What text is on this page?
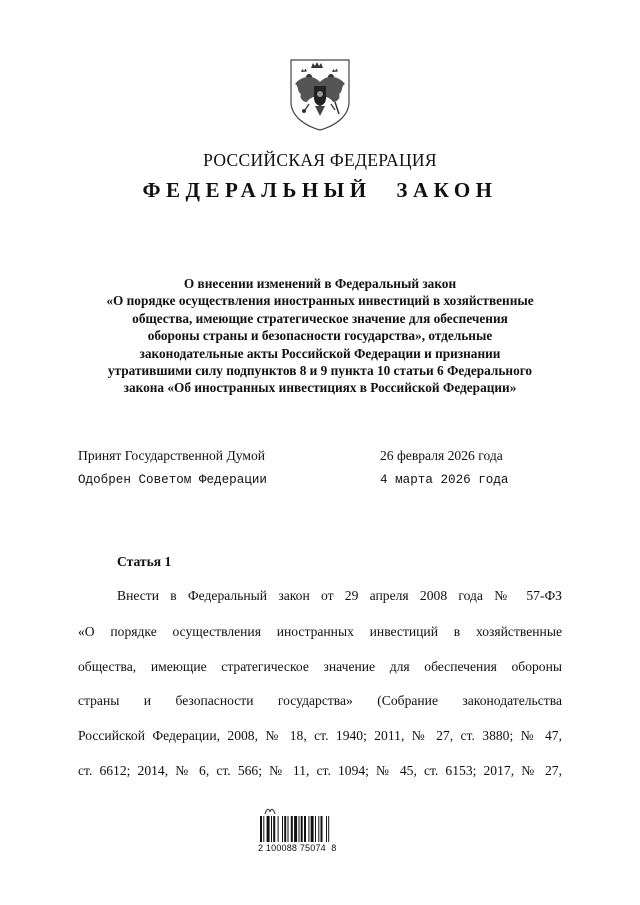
РОССИЙСКАЯ ФЕДЕРАЦИЯ
ФЕДЕРАЛЬНЫЙ ЗАКОН
О внесении изменений в Федеральный закон
«О порядке осуществления иностранных инвестиций в хозяйственные
общества, имеющие стратегическое значение для обеспечения
обороны страны и безопасности государства», отдельные
законодательные акты Российской Федерации и признании
утратившими силу подпунктов 8 и 9 пункта 10 статьи 6 Федерального
закона «Об иностранных инвестициях в Российской Федерации»
Принят Государственной Думой	26 февраля 2026 года
Одобрен Советом Федерации	4 марта 2026 года
Статья 1
Внести в Федеральный закон от 29 апреля 2008 года № 57-ФЗ
«О порядке осуществления иностранных инвестиций в хозяйственные
общества, имеющие стратегическое значение для обеспечения обороны
страны и безопасности государства» (Собрание законодательства
Российской Федерации, 2008, № 18, ст. 1940; 2011, № 27, ст. 3880; № 47,
ст. 6612; 2014, № 6, ст. 566; № 11, ст. 1094; № 45, ст. 6153; 2017, № 27,
2 100088 75074  8
